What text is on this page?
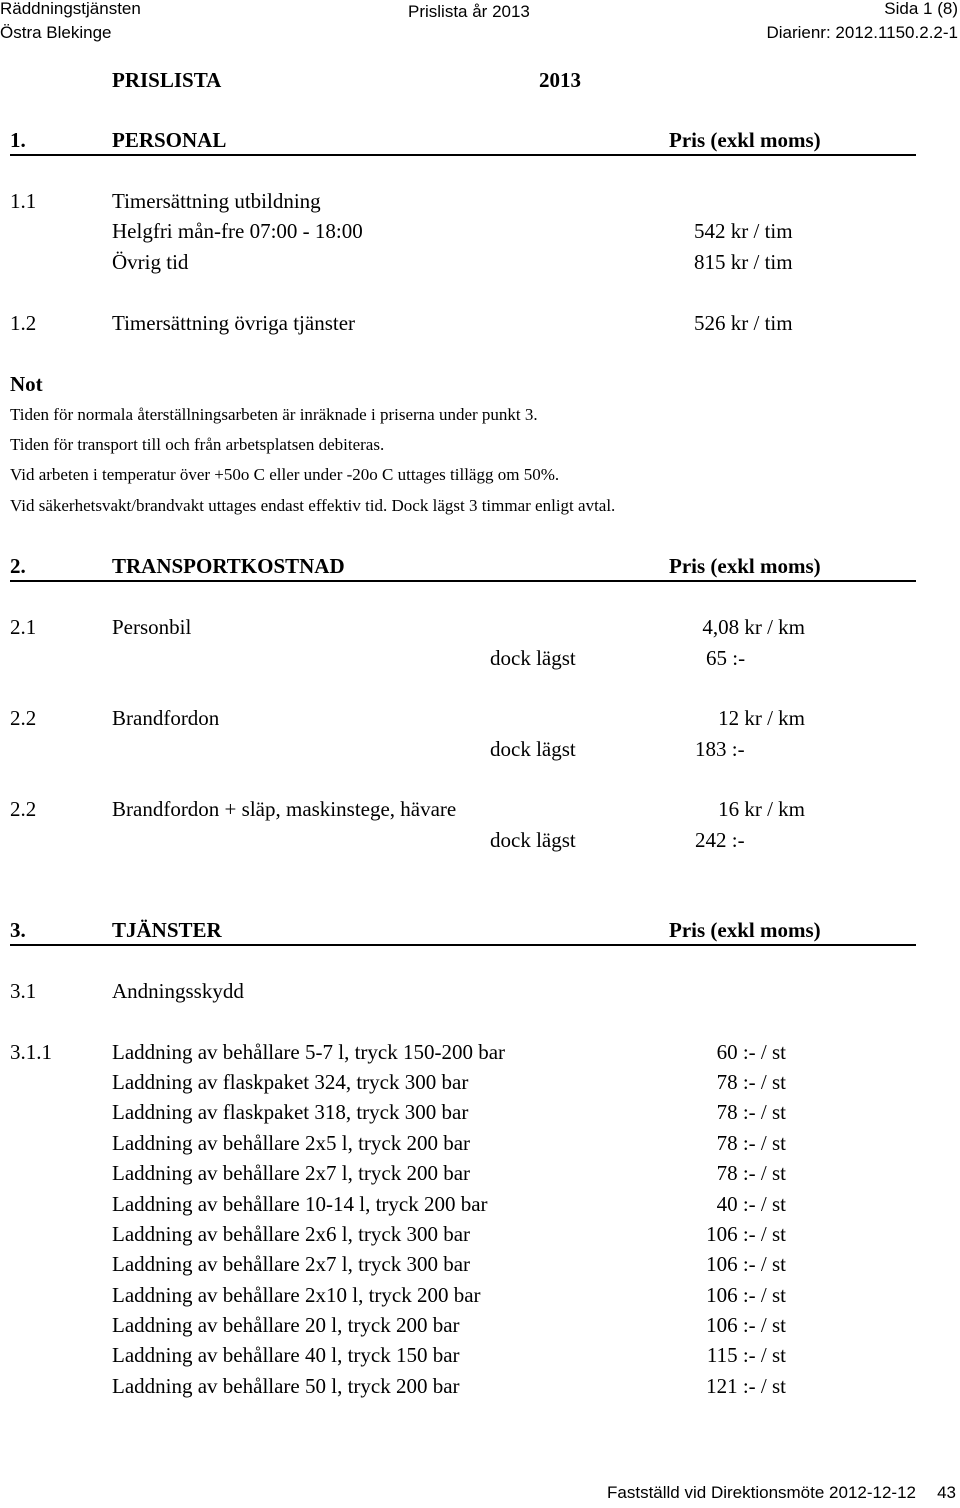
Räddningstjänsten
Östra Blekinge
Prislista år 2013	Sida 1 (8)
Diarienr: 2012.1150.2.2-1
PRISLISTA	2013
1.	PERSONAL	Pris (exkl moms)
1.1	Timersättning utbildning
Helgfri mån-fre 07:00 - 18:00	542 kr / tim
Övrig tid	815 kr / tim
1.2	Timersättning övriga tjänster	526 kr / tim
Not
Tiden för normala återställningsarbeten är inräknade i priserna under punkt 3.
Tiden för transport till och från arbetsplatsen debiteras.
Vid arbeten i temperatur över +50o C eller under -20o C uttages tillägg om 50%.
Vid säkerhetsvakt/brandvakt uttages endast effektiv tid. Dock lägst 3 timmar enligt avtal.
2.	TRANSPORTKOSTNAD	Pris (exkl moms)
2.1	Personbil	4,08 kr / km
dock lägst	65 :-
2.2	Brandfordon	12 kr / km
dock lägst	183 :-
2.2	Brandfordon + släp, maskinstege, hävare	16 kr / km
dock lägst	242 :-
3.	TJÄNSTER	Pris (exkl moms)
3.1	Andningsskydd
3.1.1	Laddning av behållare 5-7 l, tryck 150-200 bar	60 :- / st
Laddning av flaskpaket 324, tryck 300 bar	78 :- / st
Laddning av flaskpaket 318, tryck 300 bar	78 :- / st
Laddning av behållare 2x5 l, tryck 200 bar	78 :- / st
Laddning av behållare 2x7 l, tryck 200 bar	78 :- / st
Laddning av behållare 10-14 l, tryck 200 bar	40 :- / st
Laddning av behållare 2x6 l, tryck 300 bar	106 :- / st
Laddning av behållare 2x7 l, tryck 300 bar	106 :- / st
Laddning av behållare 2x10 l, tryck 200 bar	106 :- / st
Laddning av behållare 20 l, tryck 200 bar	106 :- / st
Laddning av behållare 40 l, tryck 150 bar	115 :- / st
Laddning av behållare 50 l, tryck 200 bar	121 :- / st
Fastställd vid Direktionsmöte 2012-12-12 43
